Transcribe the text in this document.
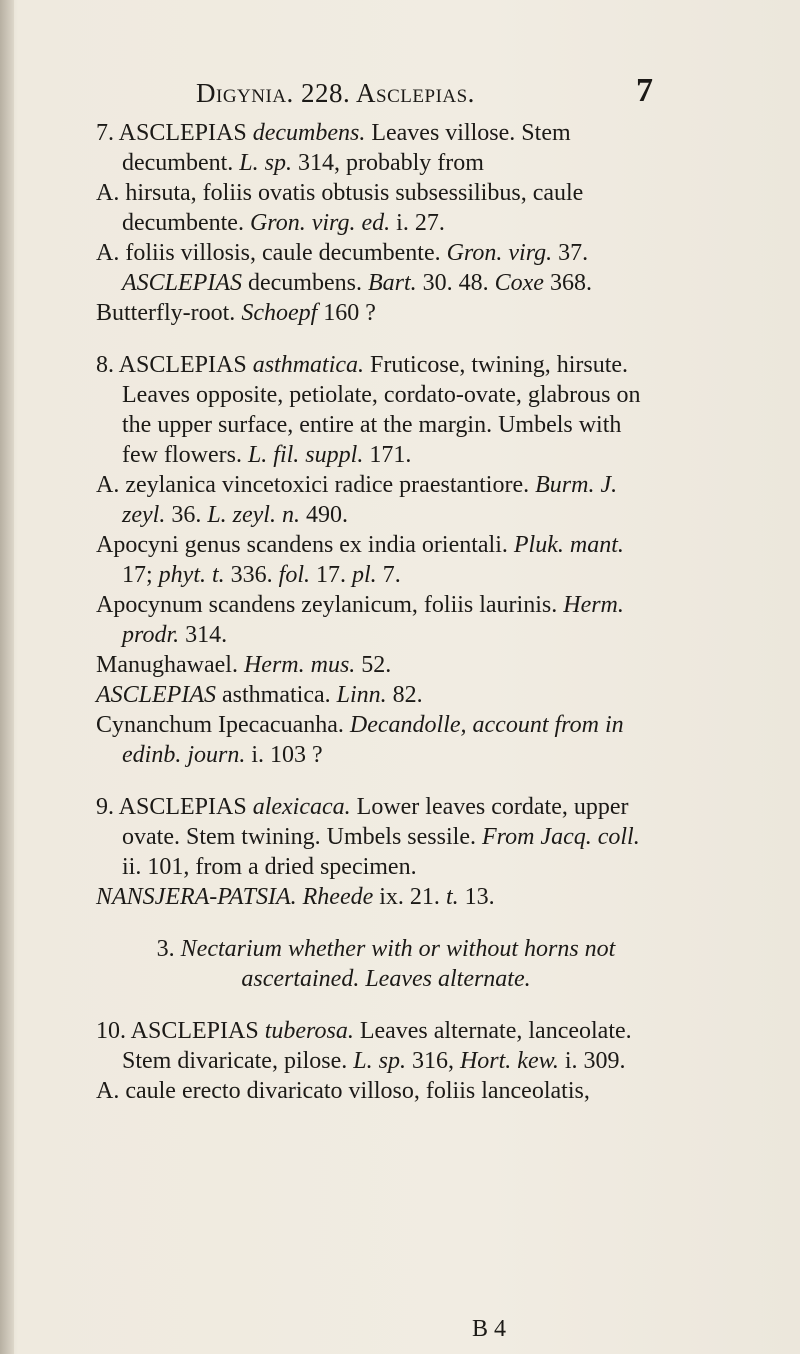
Digynia. 228. Asclepias.	7

7. ASCLEPIAS decumbens. Leaves villose. Stem decumbent. L. sp. 314, probably from

A. hirsuta, foliis ovatis obtusis subsessilibus, caule decumbente. Gron. virg. ed. i. 27.

A. foliis villosis, caule decumbente. Gron. virg. 37. ASCLEPIAS decumbens. Bart. 30. 48. Coxe 368.

Butterfly-root. Schoepf 160 ?

8. ASCLEPIAS asthmatica. Fruticose, twining, hirsute. Leaves opposite, petiolate, cordato-ovate, glabrous on the upper surface, entire at the margin. Umbels with few flowers. L. fil. suppl. 171.

A. zeylanica vincetoxici radice praestantiore. Burm. J. zeyl. 36. L. zeyl. n. 490.

Apocyni genus scandens ex india orientali. Pluk. mant. 17; phyt. t. 336. fol. 17. pl. 7.

Apocynum scandens zeylanicum, foliis laurinis. Herm. prodr. 314.

Manughawael. Herm. mus. 52.

ASCLEPIAS asthmatica. Linn. 82.

Cynanchum Ipecacuanha. Decandolle, account from in edinb. journ. i. 103 ?

9. ASCLEPIAS alexicaca. Lower leaves cordate, upper ovate. Stem twining. Umbels sessile. From Jacq. coll. ii. 101, from a dried specimen.

NANSJERA-PATSIA. Rheede ix. 21. t. 13.

3. Nectarium whether with or without horns not ascertained. Leaves alternate.

10. ASCLEPIAS tuberosa. Leaves alternate, lanceolate. Stem divaricate, pilose. L. sp. 316, Hort. kew. i. 309.

A. caule erecto divaricato villoso, foliis lanceolatis,

B 4
